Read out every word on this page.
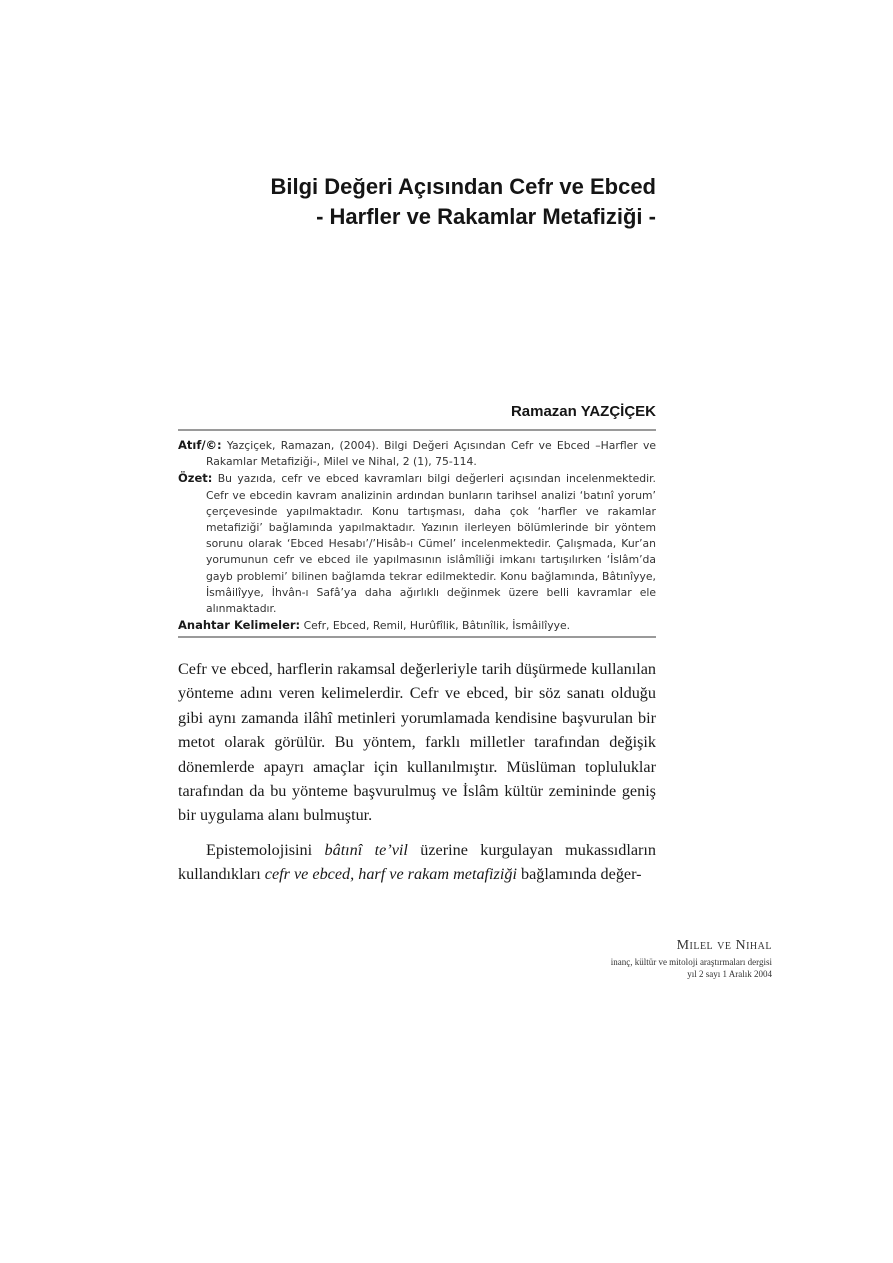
Bilgi Değeri Açısından Cefr ve Ebced
- Harfler ve Rakamlar Metafiziği -
Ramazan YAZÇİÇEK
Atıf/©: Yazçiçek, Ramazan, (2004). Bilgi Değeri Açısından Cefr ve Ebced –Harfler ve Rakamlar Metafiziği-, Milel ve Nihal, 2 (1), 75-114.
Özet: Bu yazıda, cefr ve ebced kavramları bilgi değerleri açısından incelenmektedir. Cefr ve ebcedin kavram analizinin ardından bunların tarihsel analizi ‘batınî yorum’ çerçevesinde yapılmaktadır. Konu tartışması, daha çok ‘harfler ve rakamlar metafiziği’ bağlamında yapılmaktadır. Yazının ilerleyen bölümlerinde bir yöntem sorunu olarak ‘Ebced Hesabı’/’Hisâb-ı Cümel’ incelenmektedir. Çalışmada, Kur’an yorumunun cefr ve ebced ile yapılmasının islâmîliği imkanı tartışılırken ‘İslâm’da gayb problemi’ bilinen bağlamda tekrar edilmektedir. Konu bağlamında, Bâtınîyye, İsmâilîyye, İhvân-ı Safâ’ya daha ağırlıklı değinmek üzere belli kavramlar ele alınmaktadır.
Anahtar Kelimeler: Cefr, Ebced, Remil, Hurûfîlik, Bâtınîlik, İsmâilîyye.

Cefr ve ebced, harflerin rakamsal değerleriyle tarih düşürmede kullanılan yönteme adını veren kelimelerdir. Cefr ve ebced, bir söz sanatı olduğu gibi aynı zamanda ilâhî metinleri yorumlamada kendisine başvurulan bir metot olarak görülür. Bu yöntem, farklı milletler tarafından değişik dönemlerde apayrı amaçlar için kullanılmıştır. Müslüman topluluklar tarafından da bu yönteme başvurulmuş ve İslâm kültür zemininde geniş bir uygulama alanı bulmuştur.

Epistemolojisini bâtınî te’vil üzerine kurgulayan mukassıdların kullandıkları cefr ve ebced, harf ve rakam metafiziği bağlamında değer-

Milel ve Nihal
inanç, kültür ve mitoloji araştırmaları dergisi
yıl 2 sayı 1 Aralık 2004
